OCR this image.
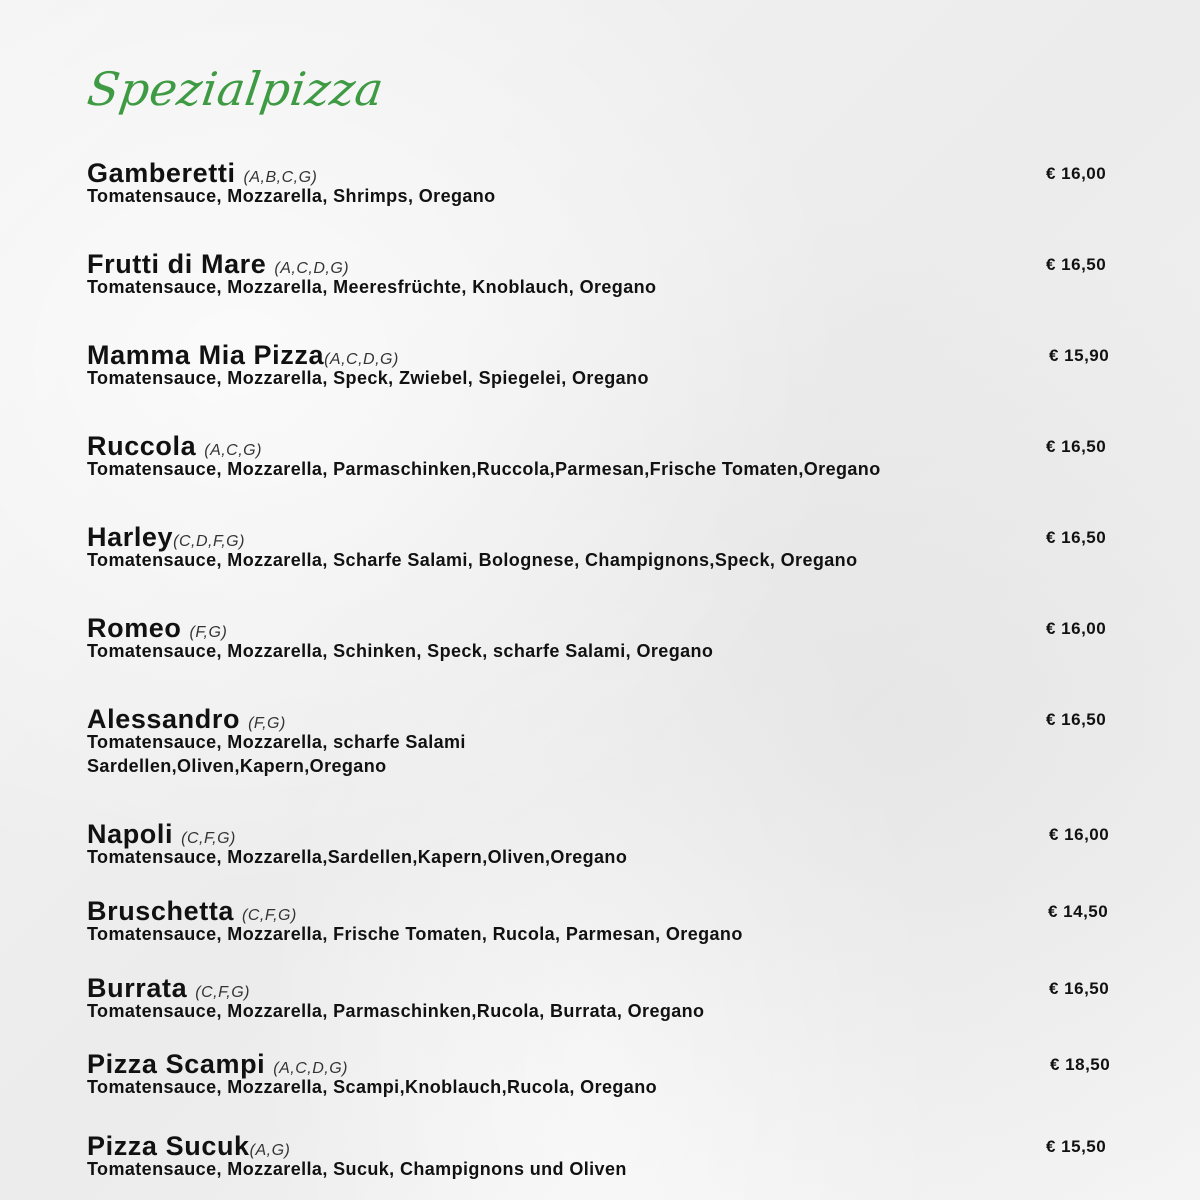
Spezialpizza
Gamberetti (A,B,C,G)	€ 16,00
Tomatensauce, Mozzarella, Shrimps, Oregano
Frutti di Mare (A,C,D,G)	€ 16,50
Tomatensauce, Mozzarella, Meeresfrüchte, Knoblauch, Oregano
Mamma Mia Pizza(A,C,D,G)	€ 15,90
Tomatensauce, Mozzarella, Speck, Zwiebel, Spiegelei, Oregano
Ruccola (A,C,G)	€ 16,50
Tomatensauce, Mozzarella, Parmaschinken,Ruccola,Parmesan,Frische Tomaten,Oregano
Harley(C,D,F,G)	€ 16,50
Tomatensauce, Mozzarella, Scharfe Salami, Bolognese, Champignons,Speck, Oregano
Romeo (F,G)	€ 16,00
Tomatensauce, Mozzarella, Schinken, Speck, scharfe Salami, Oregano
Alessandro (F,G)	€ 16,50
Tomatensauce, Mozzarella, scharfe Salami
Sardellen,Oliven,Kapern,Oregano
Napoli (C,F,G)	€ 16,00
Tomatensauce, Mozzarella,Sardellen,Kapern,Oliven,Oregano
Bruschetta (C,F,G)	€ 14,50
Tomatensauce, Mozzarella, Frische Tomaten, Rucola, Parmesan, Oregano
Burrata (C,F,G)	€ 16,50
Tomatensauce, Mozzarella, Parmaschinken,Rucola, Burrata, Oregano
Pizza Scampi (A,C,D,G)	€ 18,50
Tomatensauce, Mozzarella, Scampi,Knoblauch,Rucola, Oregano
Pizza Sucuk(A,G)	€ 15,50
Tomatensauce, Mozzarella, Sucuk, Champignons und Oliven
